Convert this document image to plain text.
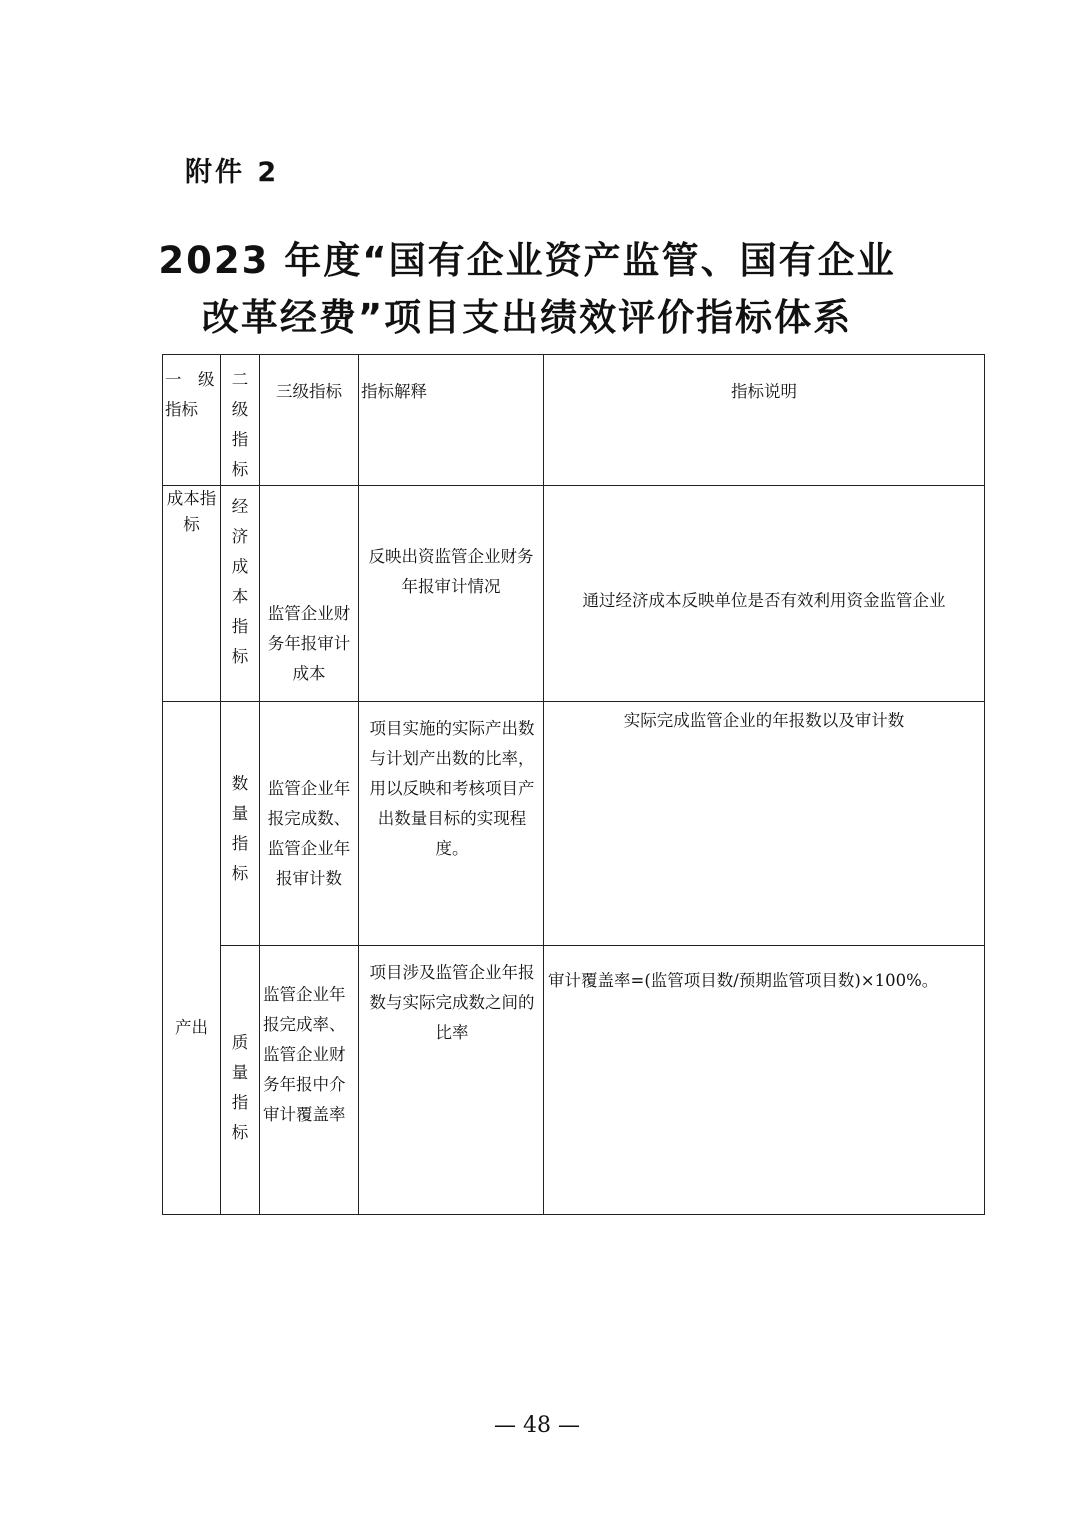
附件 2
2023 年度“国有企业资产监管、国有企业
改革经费”项目支出绩效评价指标体系
一　级指标	二级指标	三级指标	指标解释	指标说明
成本指标	经济成本指标	监管企业财务年报审计成本	反映出资监管企业财务年报审计情况	通过经济成本反映单位是否有效利用资金监管企业
产出	数量指标	监管企业年报完成数、监管企业年报审计数	项目实施的实际产出数与计划产出数的比率，用以反映和考核项目产出数量目标的实现程度。	实际完成监管企业的年报数以及审计数

	质量指标	监管企业年报完成率、监管企业财务年报中介审计覆盖率	项目涉及监管企业年报数与实际完成数之间的比率	审计覆盖率=(监管项目数/预期监管项目数)×100%。
— 48 —
